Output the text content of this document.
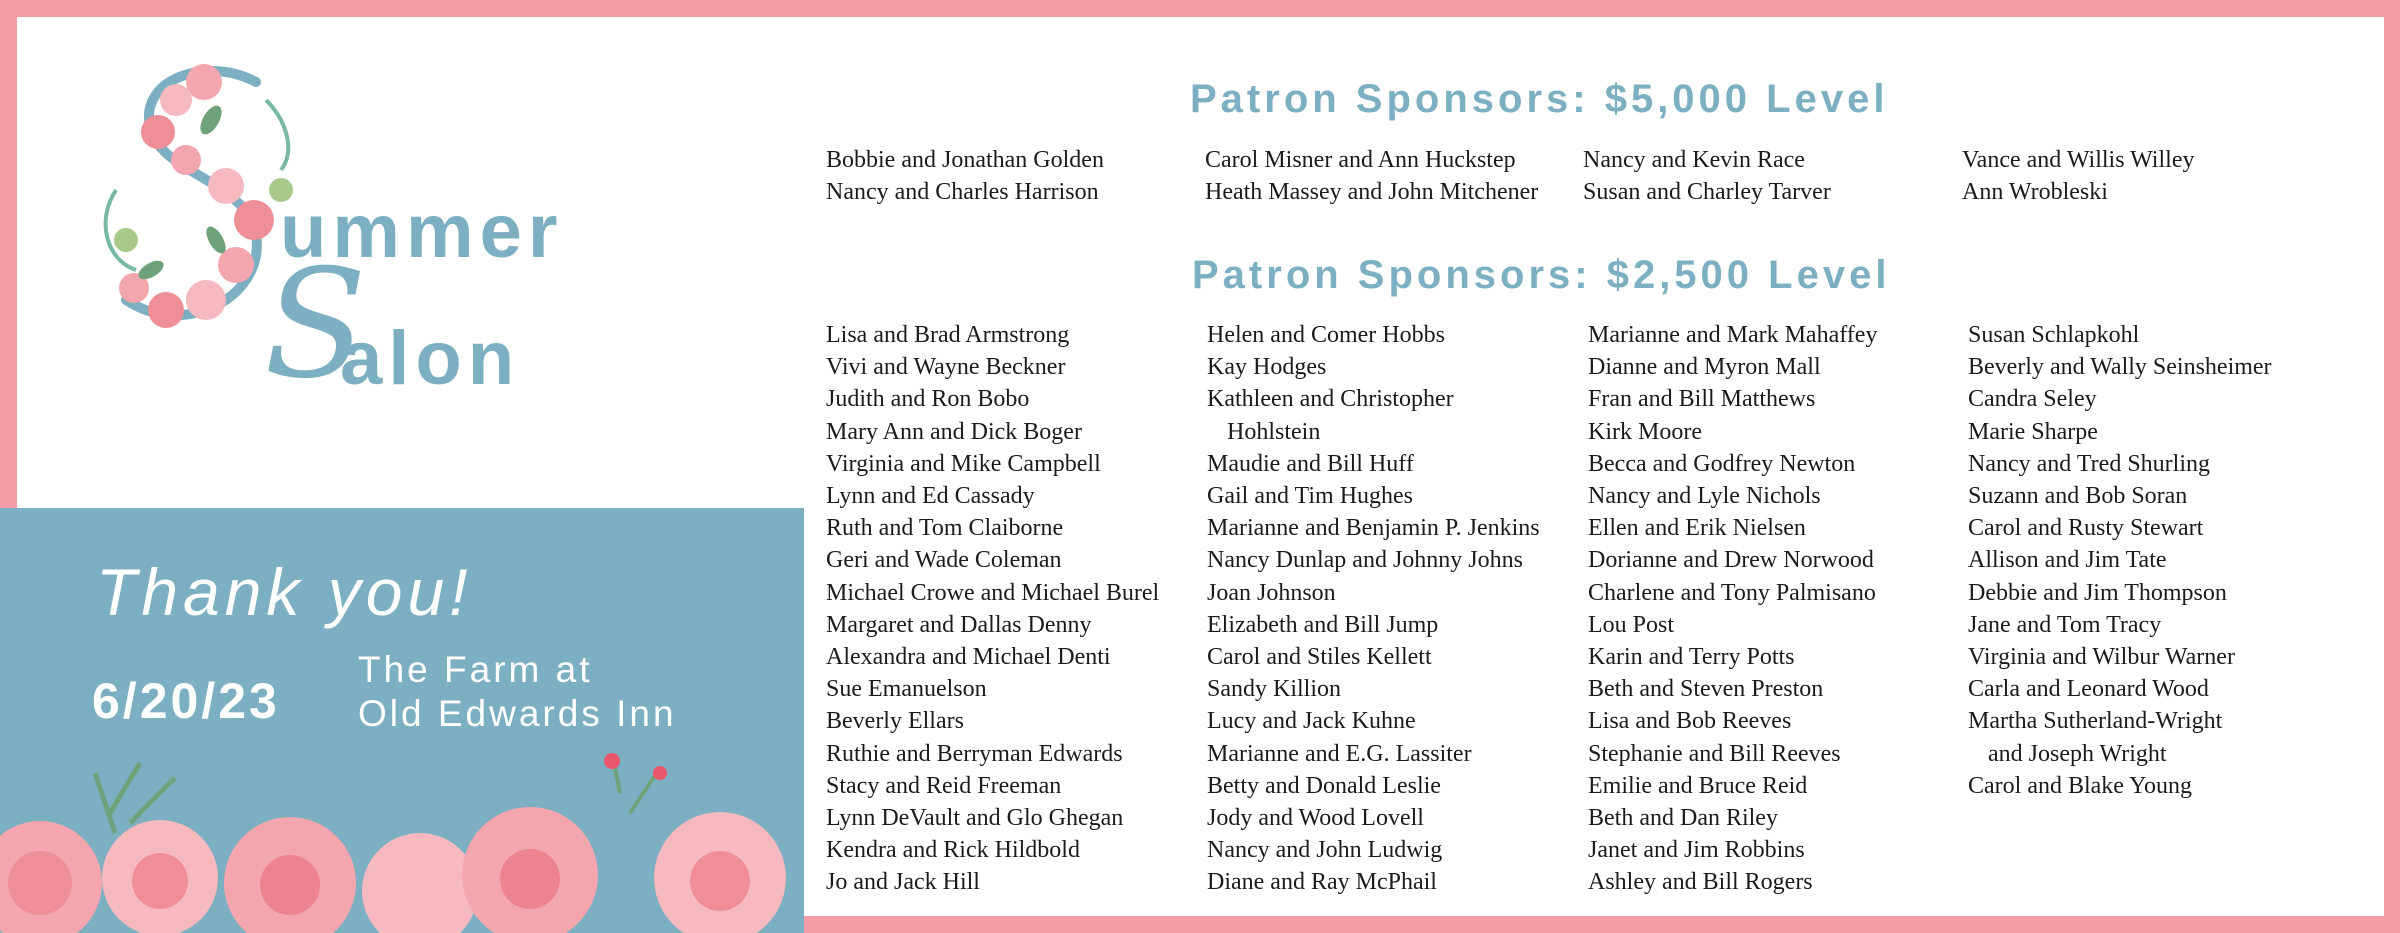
ummer
S
alon
Thank you!
6/20/23
The Farm at
Old Edwards Inn
Patron Sponsors: $5,000 Level
Bobbie and Jonathan Golden
Nancy and Charles Harrison
Carol Misner and Ann Huckstep
Heath Massey and John Mitchener
Nancy and Kevin Race
Susan and Charley Tarver
Vance and Willis Willey
Ann Wrobleski
Patron Sponsors: $2,500 Level
Lisa and Brad Armstrong
Vivi and Wayne Beckner
Judith and Ron Bobo
Mary Ann and Dick Boger
Virginia and Mike Campbell
Lynn and Ed Cassady
Ruth and Tom Claiborne
Geri and Wade Coleman
Michael Crowe and Michael Burel
Margaret and Dallas Denny
Alexandra and Michael Denti
Sue Emanuelson
Beverly Ellars
Ruthie and Berryman Edwards
Stacy and Reid Freeman
Lynn DeVault and Glo Ghegan
Kendra and Rick Hildbold
Jo and Jack Hill
Helen and Comer Hobbs
Kay Hodges
Kathleen and Christopher
Hohlstein
Maudie and Bill Huff
Gail and Tim Hughes
Marianne and Benjamin P. Jenkins
Nancy Dunlap and Johnny Johns
Joan Johnson
Elizabeth and Bill Jump
Carol and Stiles Kellett
Sandy Killion
Lucy and Jack Kuhne
Marianne and E.G. Lassiter
Betty and Donald Leslie
Jody and Wood Lovell
Nancy and John Ludwig
Diane and Ray McPhail
Marianne and Mark Mahaffey
Dianne and Myron Mall
Fran and Bill Matthews
Kirk Moore
Becca and Godfrey Newton
Nancy and Lyle Nichols
Ellen and Erik Nielsen
Dorianne and Drew Norwood
Charlene and Tony Palmisano
Lou Post
Karin and Terry Potts
Beth and Steven Preston
Lisa and Bob Reeves
Stephanie and Bill Reeves
Emilie and Bruce Reid
Beth and Dan Riley
Janet and Jim Robbins
Ashley and Bill Rogers
Susan Schlapkohl
Beverly and Wally Seinsheimer
Candra Seley
Marie Sharpe
Nancy and Tred Shurling
Suzann and Bob Soran
Carol and Rusty Stewart
Allison and Jim Tate
Debbie and Jim Thompson
Jane and Tom Tracy
Virginia and Wilbur Warner
Carla and Leonard Wood
Martha Sutherland-Wright
and Joseph Wright
Carol and Blake Young
